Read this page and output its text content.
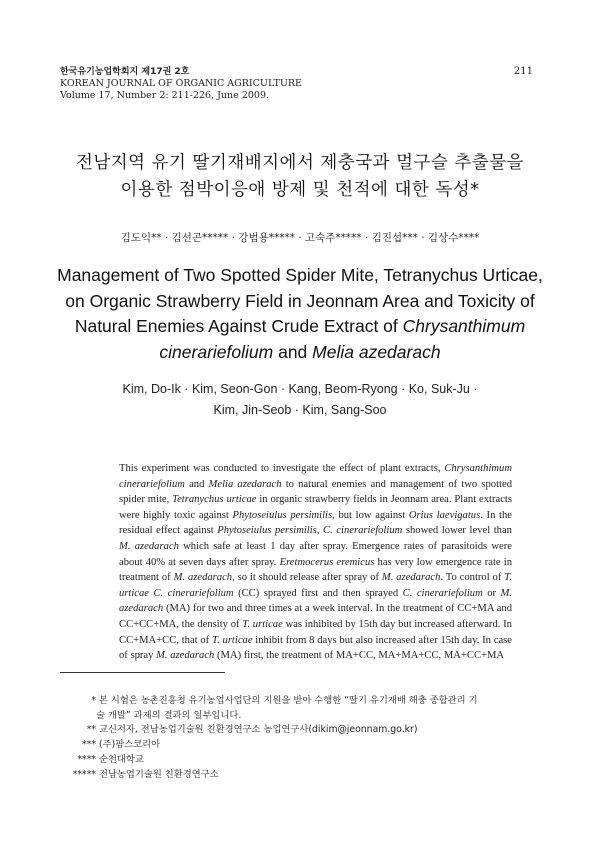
한국유기농업학회지 제17권 2호
KOREAN JOURNAL OF ORGANIC AGRICULTURE
Volume 17, Number 2: 211-226, June 2009.
211
전남지역 유기 딸기재배지에서 제충국과 멀구슬 추출물을
이용한 점박이응애 방제 및 천적에 대한 독성*
김도익** · 김선곤***** · 강범용***** · 고숙주***** · 김진섭*** · 김상수****
Management of Two Spotted Spider Mite, Tetranychus Urticae,
on Organic Strawberry Field in Jeonnam Area and Toxicity of
Natural Enemies Against Crude Extract of Chrysanthimum
cinerariefolium and Melia azedarach
Kim, Do-Ik · Kim, Seon-Gon · Kang, Beom-Ryong · Ko, Suk-Ju ·
Kim, Jin-Seob · Kim, Sang-Soo
This experiment was conducted to investigate the effect of plant extracts, Chrysanthimum cinerariefolium and Melia azedarach to natural enemies and management of two spotted spider mite, Tetranychus urticae in organic strawberry fields in Jeonnam area. Plant extracts were highly toxic against Phytoseiulus persimilis, but low against Orius laevigatus. In the residual effect against Phytoseiulus persimilis, C. cinerariefolium showed lower level than M. azedarach which safe at least 1 day after spray. Emergence rates of parasitoids were about 40% at seven days after spray. Eretmocerus eremicus has very low emergence rate in treatment of M. azedarach, so it should release after spray of M. azedarach. To control of T. urticae C. cinerariefolium (CC) sprayed first and then sprayed C. cinerariefolium or M. azedarach (MA) for two and three times at a week interval. In the treatment of CC+MA and CC+CC+MA, the density of T. urticae was inhibited by 15th day but increased afterward. In CC+MA+CC, that of T. urticae inhibit from 8 days but also increased after 15th day. In case of spray M. azedarach (MA) first, the treatment of MA+CC, MA+MA+CC, MA+CC+MA
* 본 시험은 농촌진흥청 유기농업사업단의 지원을 받아 수행한 “딸기 유기재배 해충 종합관리 기
술 개발” 과제의 결과의 일부입니다.
** 교신저자, 전남농업기술원 친환경연구소 농업연구사(dikim@jeonnam.go.kr)
*** (주)팜스코리아
**** 순천대학교
***** 전남농업기술원 친환경연구소
